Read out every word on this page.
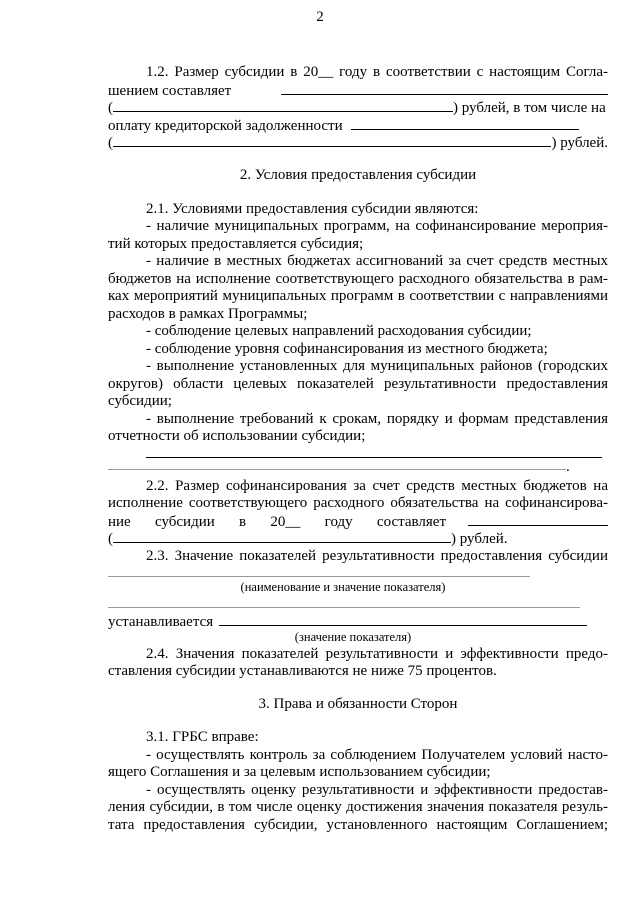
2
1.2. Размер субсидии в 20__ году в соответствии с настоящим Согла-
шением составляет
(	) рублей, в том числе на
оплату кредиторской задолженности
(	) рублей.
2. Условия предоставления субсидии
2.1. Условиями предоставления субсидии являются:
- наличие муниципальных программ, на софинансирование мероприя-
тий которых предоставляется субсидия;
- наличие в местных бюджетах ассигнований за счет средств местных
бюджетов на исполнение соответствующего расходного обязательства в рам-
ках мероприятий муниципальных программ в соответствии с направлениями
расходов в рамках Программы;
- соблюдение целевых направлений расходования субсидии;
- соблюдение уровня софинансирования из местного бюджета;
- выполнение установленных для муниципальных районов (городских
округов) области целевых показателей результативности предоставления
субсидии;
- выполнение требований к срокам, порядку и формам представления
отчетности об использовании субсидии;
.
2.2. Размер софинансирования за счет средств местных бюджетов на
исполнение соответствующего расходного обязательства на софинансирова-
ние субсидии в 20__ году составляет
(	) рублей.
2.3. Значение показателей результативности предоставления субсидии
(наименование и значение показателя)
устанавливается
(значение показателя)
2.4. Значения показателей результативности и эффективности предо-
ставления субсидии устанавливаются не ниже 75 процентов.
3. Права и обязанности Сторон
3.1. ГРБС вправе:
- осуществлять контроль за соблюдением Получателем условий насто-
ящего Соглашения и за целевым использованием субсидии;
- осуществлять оценку результативности и эффективности предостав-
ления субсидии, в том числе оценку достижения значения показателя резуль-
тата предоставления субсидии, установленного настоящим Соглашением;
